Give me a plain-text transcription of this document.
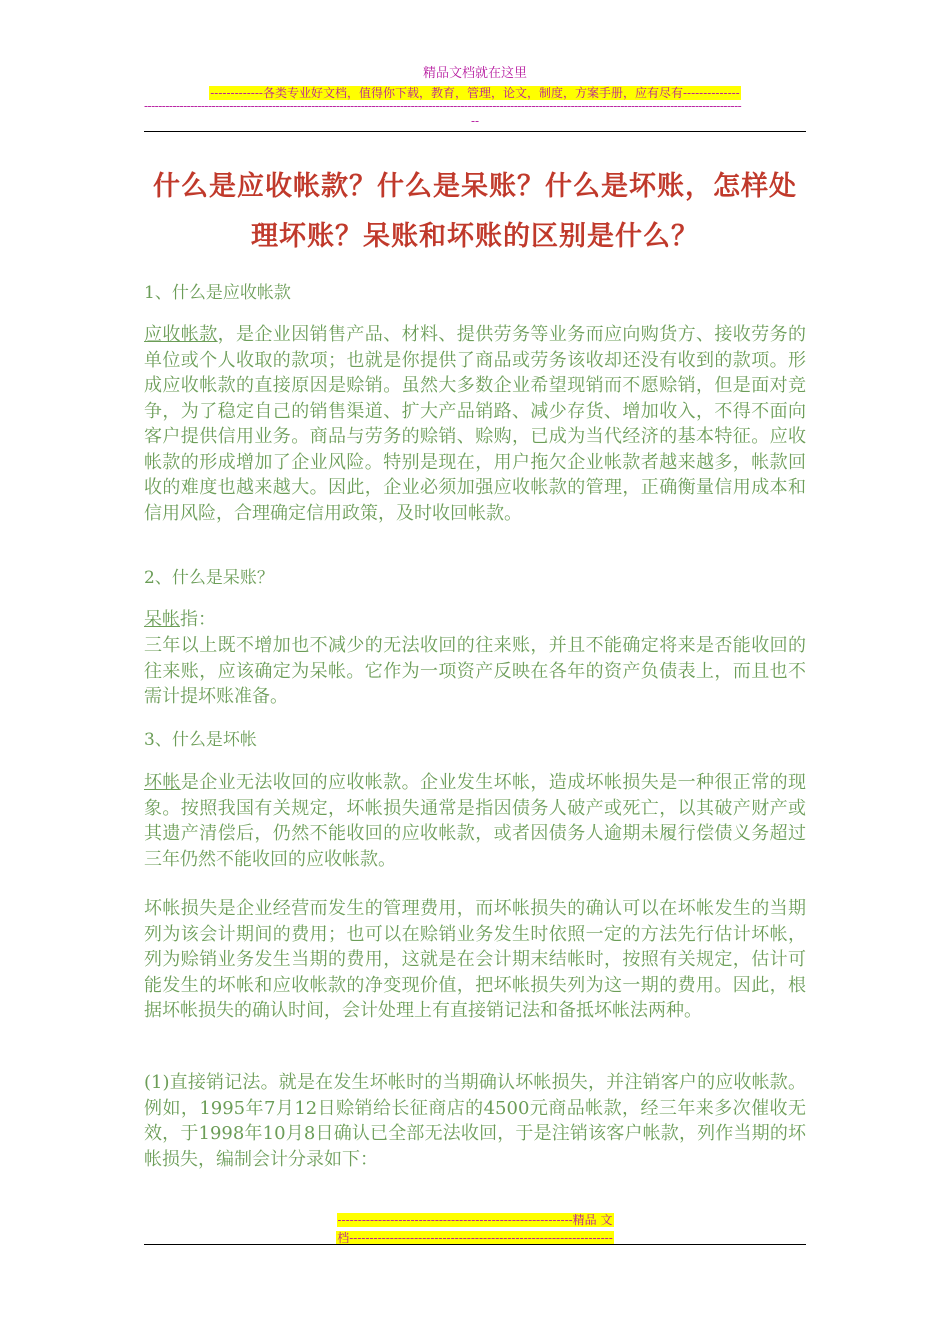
精品文档就在这里
-------------各类专业好文档，值得你下载，教育，管理，论文，制度，方案手册，应有尽有--------------
------------------------------------------------------------------------------------------------------------------------------------------------------------------------
--
什么是应收帐款？什么是呆账？什么是坏账，怎样处理坏账？呆账和坏账的区别是什么？
1、什么是应收帐款
应收帐款，是企业因销售产品、材料、提供劳务等业务而应向购货方、接收劳务的单位或个人收取的款项；也就是你提供了商品或劳务该收却还没有收到的款项。形成应收帐款的直接原因是赊销。虽然大多数企业希望现销而不愿赊销，但是面对竞争，为了稳定自己的销售渠道、扩大产品销路、减少存货、增加收入，不得不面向客户提供信用业务。商品与劳务的赊销、赊购，已成为当代经济的基本特征。应收帐款的形成增加了企业风险。特别是现在，用户拖欠企业帐款者越来越多，帐款回收的难度也越来越大。因此，企业必须加强应收帐款的管理，正确衡量信用成本和信用风险，合理确定信用政策，及时收回帐款。
2、什么是呆账？
呆帐指：
三年以上既不增加也不减少的无法收回的往来账，并且不能确定将来是否能收回的往来账，应该确定为呆帐。它作为一项资产反映在各年的资产负债表上，而且也不需计提坏账准备。
3、什么是坏帐
坏帐是企业无法收回的应收帐款。企业发生坏帐，造成坏帐损失是一种很正常的现象。按照我国有关规定，坏帐损失通常是指因债务人破产或死亡，以其破产财产或其遗产清偿后，仍然不能收回的应收帐款，或者因债务人逾期未履行偿债义务超过三年仍然不能收回的应收帐款。
坏帐损失是企业经营而发生的管理费用，而坏帐损失的确认可以在坏帐发生的当期列为该会计期间的费用；也可以在赊销业务发生时依照一定的方法先行估计坏帐，列为赊销业务发生当期的费用，这就是在会计期末结帐时，按照有关规定，估计可能发生的坏帐和应收帐款的净变现价值，把坏帐损失列为这一期的费用。因此，根据坏帐损失的确认时间，会计处理上有直接销记法和备抵坏帐法两种。
(1)直接销记法。就是在发生坏帐时的当期确认坏帐损失，并注销客户的应收帐款。例如，1995年7月12日赊销给长征商店的4500元商品帐款，经三年来多次催收无效，于1998年10月8日确认已全部无法收回，于是注销该客户帐款，列作当期的坏帐损失，编制会计分录如下：
----------------------------------------------------------精品 文
档-----------------------------------------------------------------
